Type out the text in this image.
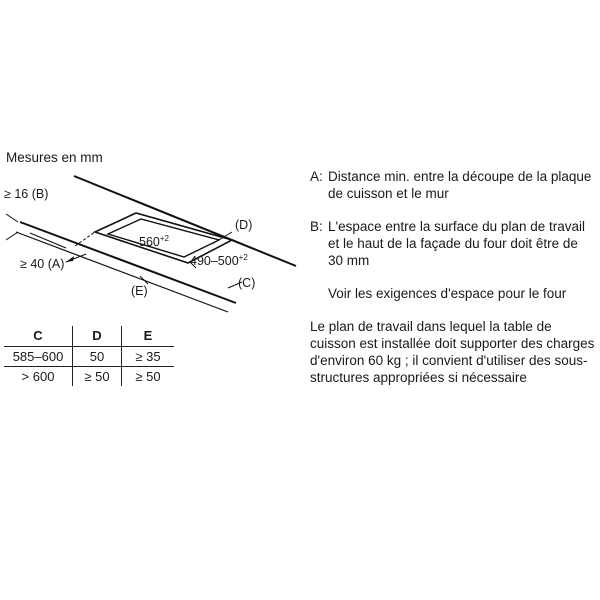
Mesures en mm
≥ 16 (B)
≥ 40 (A)
$560^{+2}$
$490-500^{+2}$
(D)
(C)
(E)
C	D	E
585–600	50	≥ 35
> 600	≥ 50	≥ 50
A: Distance min. entre la découpe de la plaque de cuisson et le mur
B: L'espace entre la surface du plan de travail et le haut de la façade du four doit être de 30 mm
Voir les exigences d'espace pour le four
Le plan de travail dans lequel la table de cuisson est installée doit supporter des charges d'environ 60 kg ; il convient d'utiliser des sous-structures appropriées si nécessaire
